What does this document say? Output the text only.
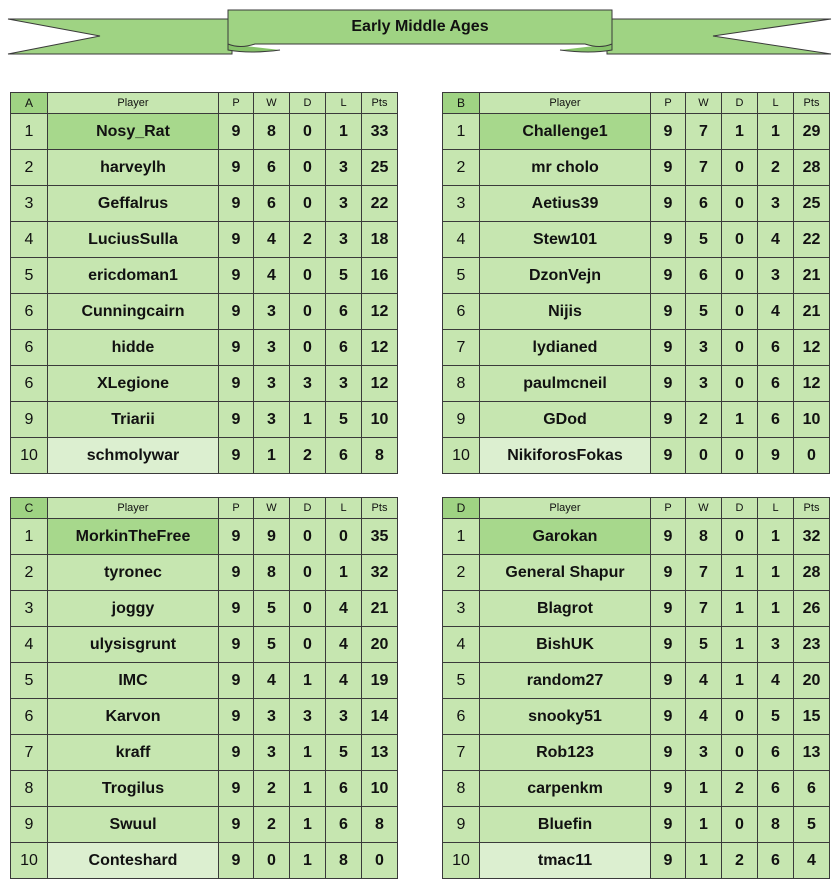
Early Middle Ages
A	Player	P	W	D	L	Pts
1	Nosy_Rat	9	8	0	1	33
2	harveylh	9	6	0	3	25
3	Geffalrus	9	6	0	3	22
4	LuciusSulla	9	4	2	3	18
5	ericdoman1	9	4	0	5	16
6	Cunningcairn	9	3	0	6	12
6	hidde	9	3	0	6	12
6	XLegione	9	3	3	3	12
9	Triarii	9	3	1	5	10
10	schmolywar	9	1	2	6	8
B	Player	P	W	D	L	Pts
1	Challenge1	9	7	1	1	29
2	mr cholo	9	7	0	2	28
3	Aetius39	9	6	0	3	25
4	Stew101	9	5	0	4	22
5	DzonVejn	9	6	0	3	21
6	Nijis	9	5	0	4	21
7	lydianed	9	3	0	6	12
8	paulmcneil	9	3	0	6	12
9	GDod	9	2	1	6	10
10	NikiforosFokas	9	0	0	9	0
C	Player	P	W	D	L	Pts
1	MorkinTheFree	9	9	0	0	35
2	tyronec	9	8	0	1	32
3	joggy	9	5	0	4	21
4	ulysisgrunt	9	5	0	4	20
5	IMC	9	4	1	4	19
6	Karvon	9	3	3	3	14
7	kraff	9	3	1	5	13
8	Trogilus	9	2	1	6	10
9	Swuul	9	2	1	6	8
10	Conteshard	9	0	1	8	0
D	Player	P	W	D	L	Pts
1	Garokan	9	8	0	1	32
2	General Shapur	9	7	1	1	28
3	Blagrot	9	7	1	1	26
4	BishUK	9	5	1	3	23
5	random27	9	4	1	4	20
6	snooky51	9	4	0	5	15
7	Rob123	9	3	0	6	13
8	carpenkm	9	1	2	6	6
9	Bluefin	9	1	0	8	5
10	tmac11	9	1	2	6	4
